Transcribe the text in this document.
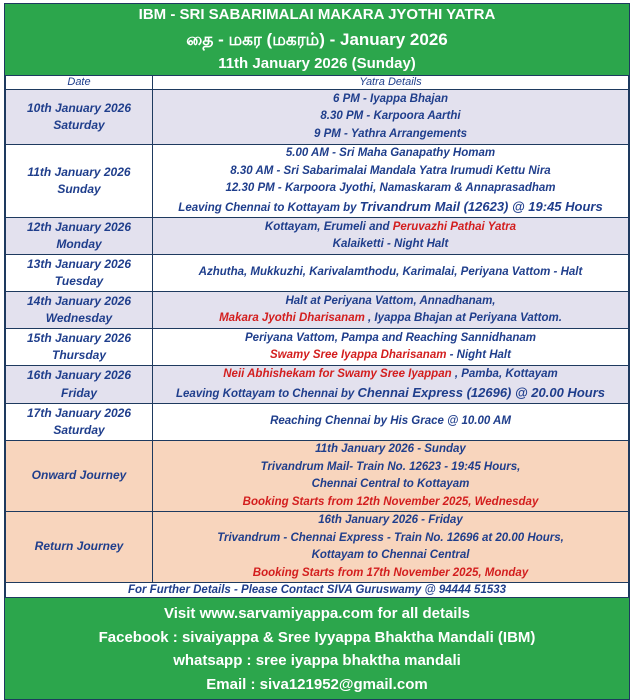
IBM - SRI SABARIMALAI MAKARA JYOTHI YATRA
தை - மகர (மகரம்) - January 2026
11th January 2026 (Sunday)
Date	Yatra Details
10th January 2026
Saturday	6 PM - Iyappa Bhajan
8.30 PM - Karpoora Aarthi
9 PM - Yathra Arrangements
11th January 2026
Sunday	5.00 AM - Sri Maha Ganapathy Homam
8.30 AM - Sri Sabarimalai Mandala Yatra Irumudi Kettu Nira
12.30 PM - Karpoora Jyothi, Namaskaram & Annaprasadham
Leaving Chennai to Kottayam by Trivandrum Mail (12623) @ 19:45 Hours
12th January 2026
Monday	Kottayam, Erumeli and Peruvazhi Pathai Yatra
Kalaiketti - Night Halt
13th January 2026
Tuesday	Azhutha, Mukkuzhi, Karivalamthodu, Karimalai, Periyana Vattom - Halt
14th January 2026
Wednesday	Halt at Periyana Vattom, Annadhanam,
Makara Jyothi Dharisanam , Iyappa Bhajan at Periyana Vattom.
15th January 2026
Thursday	Periyana Vattom, Pampa and Reaching Sannidhanam
Swamy Sree Iyappa Dharisanam - Night Halt
16th January 2026
Friday	Neii Abhishekam for Swamy Sree Iyappan , Pamba, Kottayam
Leaving Kottayam to Chennai by Chennai Express (12696) @ 20.00 Hours
17th January 2026
Saturday	Reaching Chennai by His Grace @ 10.00 AM
Onward Journey	11th January 2026 - Sunday
Trivandrum Mail- Train No. 12623 - 19:45 Hours,
Chennai Central to Kottayam
Booking Starts from 12th November 2025, Wednesday
Return Journey	16th January 2026 - Friday
Trivandrum - Chennai Express - Train No. 12696 at 20.00 Hours,
Kottayam to Chennai Central
Booking Starts from 17th November 2025, Monday
For Further Details - Please Contact SIVA Guruswamy @ 94444 51533	
Visit www.sarvamiyappa.com for all details
Facebook : sivaiyappa & Sree Iyyappa Bhaktha Mandali (IBM)
whatsapp : sree iyappa bhaktha mandali
Email : siva121952@gmail.com
